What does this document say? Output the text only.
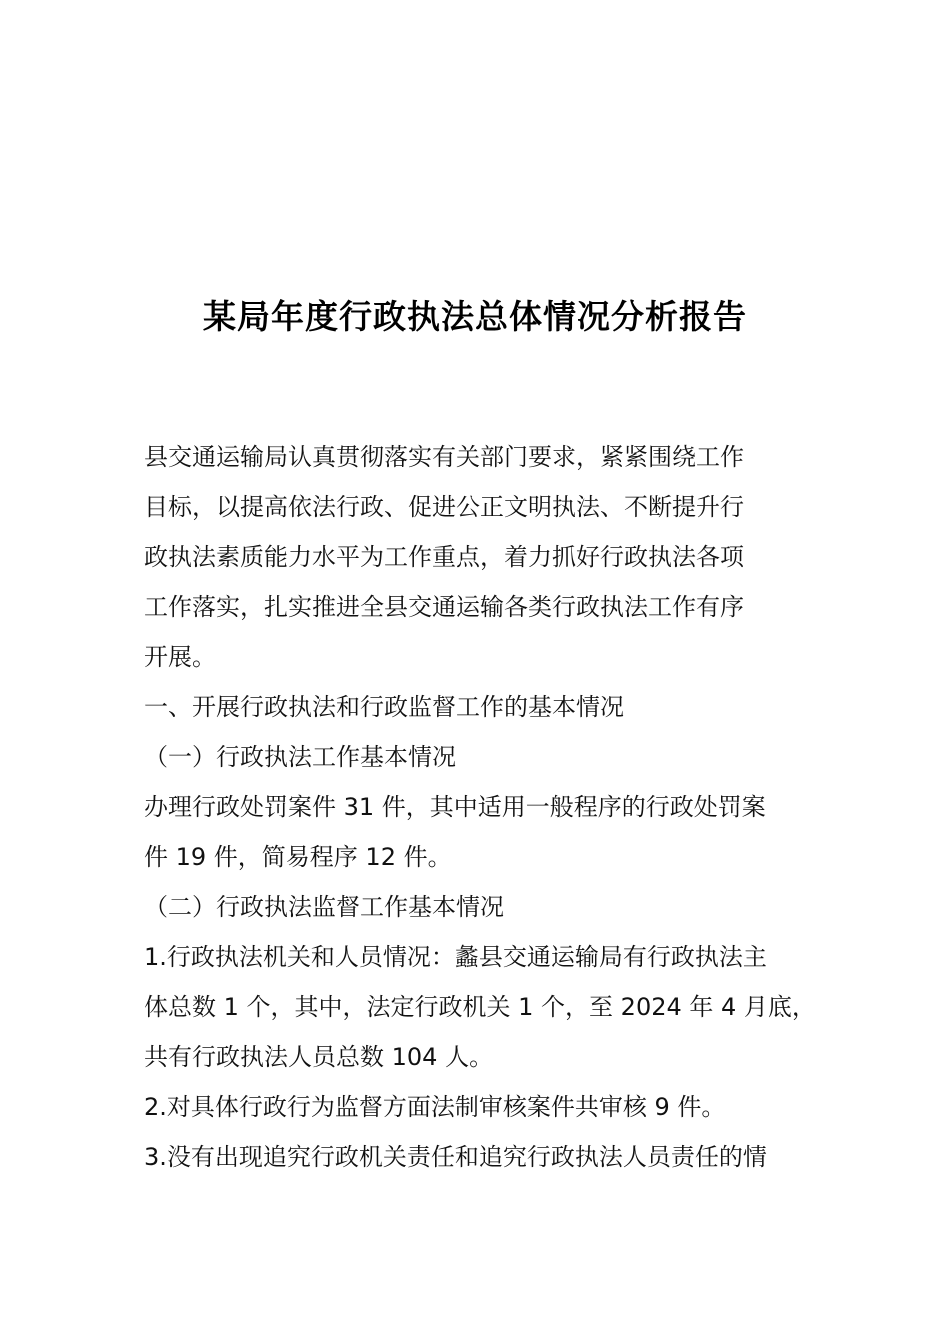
某局年度行政执法总体情况分析报告

县交通运输局认真贯彻落实有关部门要求，紧紧围绕工作

目标，以提高依法行政、促进公正文明执法、不断提升行

政执法素质能力水平为工作重点，着力抓好行政执法各项

工作落实，扎实推进全县交通运输各类行政执法工作有序

开展。

一、开展行政执法和行政监督工作的基本情况

（一）行政执法工作基本情况

办理行政处罚案件 31 件，其中适用一般程序的行政处罚案

件 19 件，简易程序 12 件。

（二）行政执法监督工作基本情况

1.行政执法机关和人员情况：蠡县交通运输局有行政执法主

体总数 1 个，其中，法定行政机关 1 个，至 2024 年 4 月底，

共有行政执法人员总数 104 人。

2.对具体行政行为监督方面法制审核案件共审核 9 件。

3.没有出现追究行政机关责任和追究行政执法人员责任的情
